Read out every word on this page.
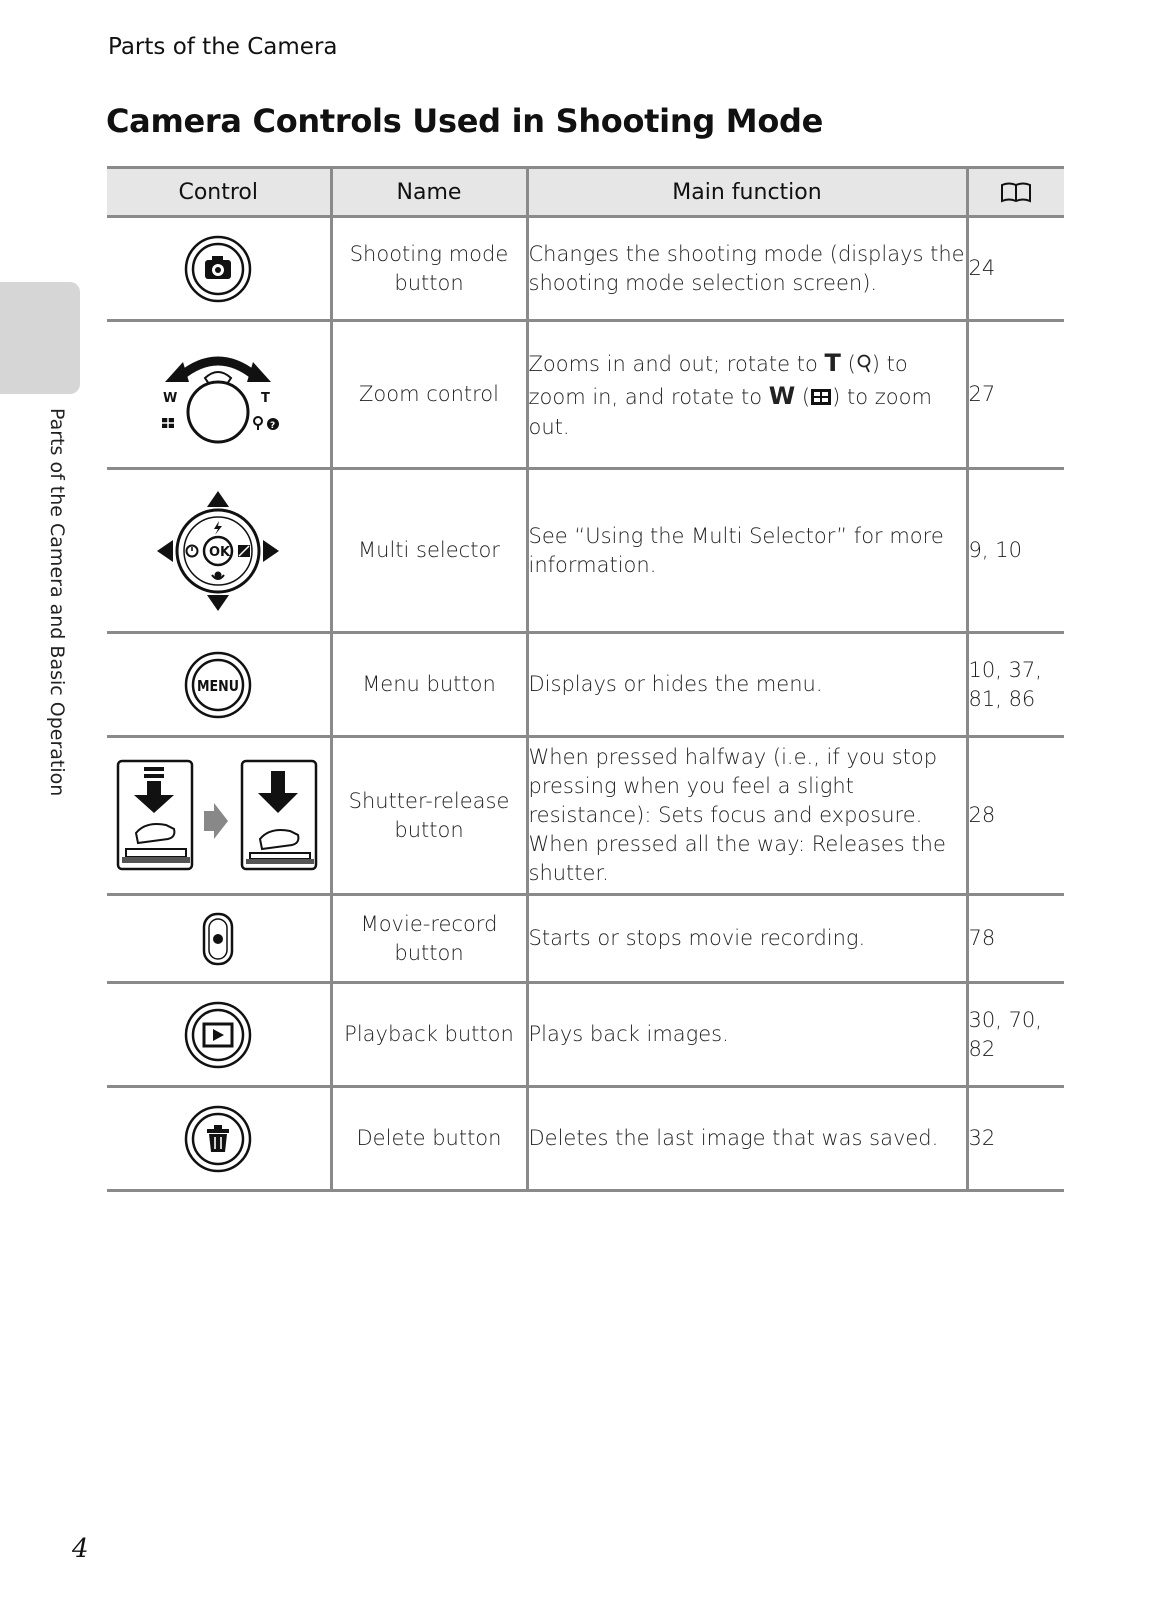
Parts of the Camera
Camera Controls Used in Shooting Mode
Parts of the Camera and Basic Operation
Control	Name	Main function	

	Shooting mode button	Changes the shooting mode (displays the shooting mode selection screen).	24

W T
?	Zoom control	Zooms in and out; rotate to T ( ) to zoom in, and rotate to W ( ) to zoom out.	27

OK	Multi selector	See “Using the Multi Selector” for more information.	9, 10

MENU	Menu button	Displays or hides the menu.	10, 37, 81, 86

	Shutter-release button	When pressed halfway (i.e., if you stop pressing when you feel a slight resistance): Sets focus and exposure. When pressed all the way: Releases the shutter.	28

	Movie-record button	Starts or stops movie recording.	78

	Playback button	Plays back images.	30, 70, 82

	Delete button	Deletes the last image that was saved.	32
4
